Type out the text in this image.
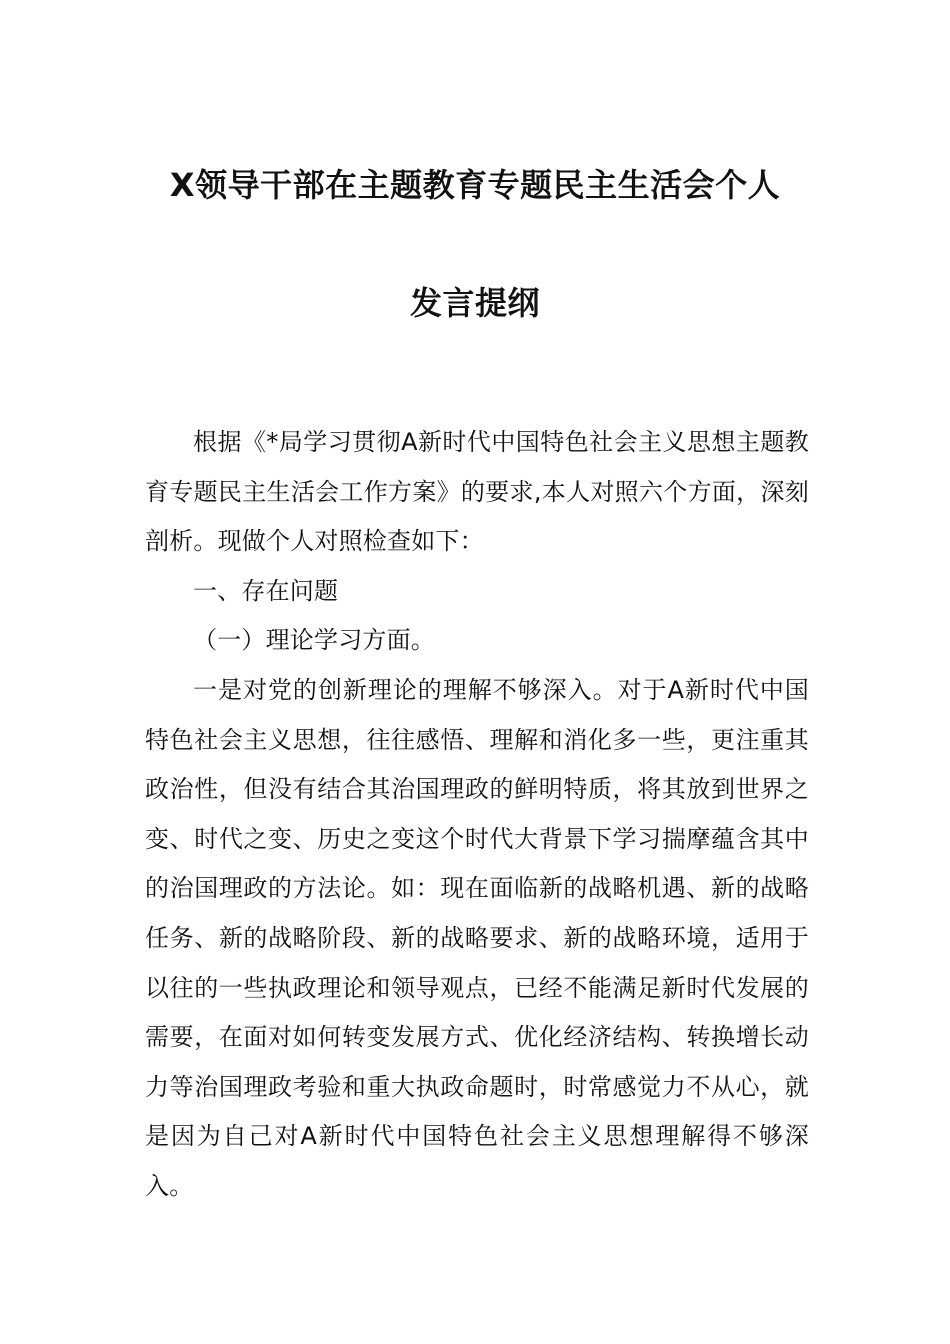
X领导干部在主题教育专题民主生活会个人
发言提纲

根据《*局学习贯彻A新时代中国特色社会主义思想主题教育专题民主生活会工作方案》的要求,本人对照六个方面，深刻剖析。现做个人对照检查如下：

一、存在问题

（一）理论学习方面。

一是对党的创新理论的理解不够深入。对于A新时代中国特色社会主义思想，往往感悟、理解和消化多一些，更注重其政治性，但没有结合其治国理政的鲜明特质，将其放到世界之变、时代之变、历史之变这个时代大背景下学习揣摩蕴含其中的治国理政的方法论。如：现在面临新的战略机遇、新的战略任务、新的战略阶段、新的战略要求、新的战略环境，适用于以往的一些执政理论和领导观点，已经不能满足新时代发展的需要，在面对如何转变发展方式、优化经济结构、转换增长动力等治国理政考验和重大执政命题时，时常感觉力不从心，就是因为自己对A新时代中国特色社会主义思想理解得不够深入。
